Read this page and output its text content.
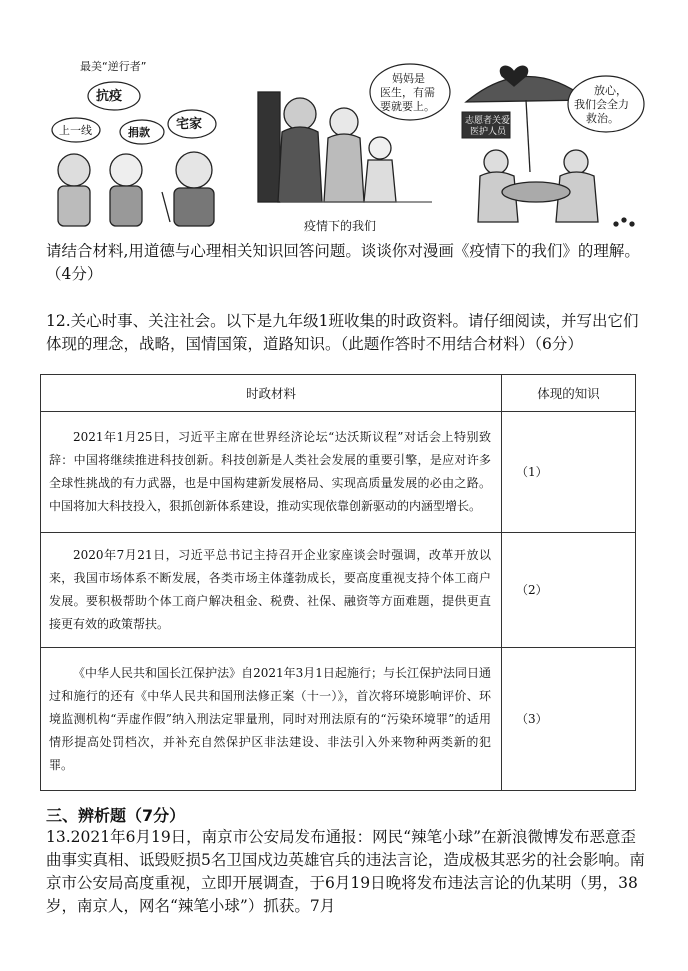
最美“逆行者”
抗疫
上一线	捐款
宅家
妈妈是 医生，有需 要就要上。
疫情下的我们
志愿者关爱 医护人员
放心， 我们会全力 救治。
请结合材料,用道德与心理相关知识回答问题。谈谈你对漫画《疫情下的我们》的理解。（4分）
12.关心时事、关注社会。以下是九年级1班收集的时政资料。请仔细阅读，并写出它们体现的理念，战略，国情国策，道路知识。（此题作答时不用结合材料）（6分）
时政材料	体现的知识
2021年1月25日，习近平主席在世界经济论坛“达沃斯议程”对话会上特别致辞：中国将继续推进科技创新。科技创新是人类社会发展的重要引擎，是应对许多全球性挑战的有力武器，也是中国构建新发展格局、实现高质量发展的必由之路。中国将加大科技投入，狠抓创新体系建设，推动实现依靠创新驱动的内涵型增长。	（1）
2020年7月21日，习近平总书记主持召开企业家座谈会时强调，改革开放以来，我国市场体系不断发展，各类市场主体蓬勃成长，要高度重视支持个体工商户发展。要积极帮助个体工商户解决租金、税费、社保、融资等方面难题，提供更直接更有效的政策帮扶。	（2）
《中华人民共和国长江保护法》自2021年3月1日起施行；与长江保护法同日通过和施行的还有《中华人民共和国刑法修正案（十一）》，首次将环境影响评价、环境监测机构“弄虚作假”纳入刑法定罪量刑，同时对刑法原有的“污染环境罪”的适用情形提高处罚档次，并补充自然保护区非法建设、非法引入外来物种两类新的犯罪。	（3）
三、辨析题（7分）
13.2021年6月19日，南京市公安局发布通报：网民“辣笔小球”在新浪微博发布恶意歪曲事实真相、诋毁贬损5名卫国戍边英雄官兵的违法言论，造成极其恶劣的社会影响。南京市公安局高度重视，立即开展调查，于6月19日晚将发布违法言论的仇某明（男，38岁，南京人，网名“辣笔小球”）抓获。7月
